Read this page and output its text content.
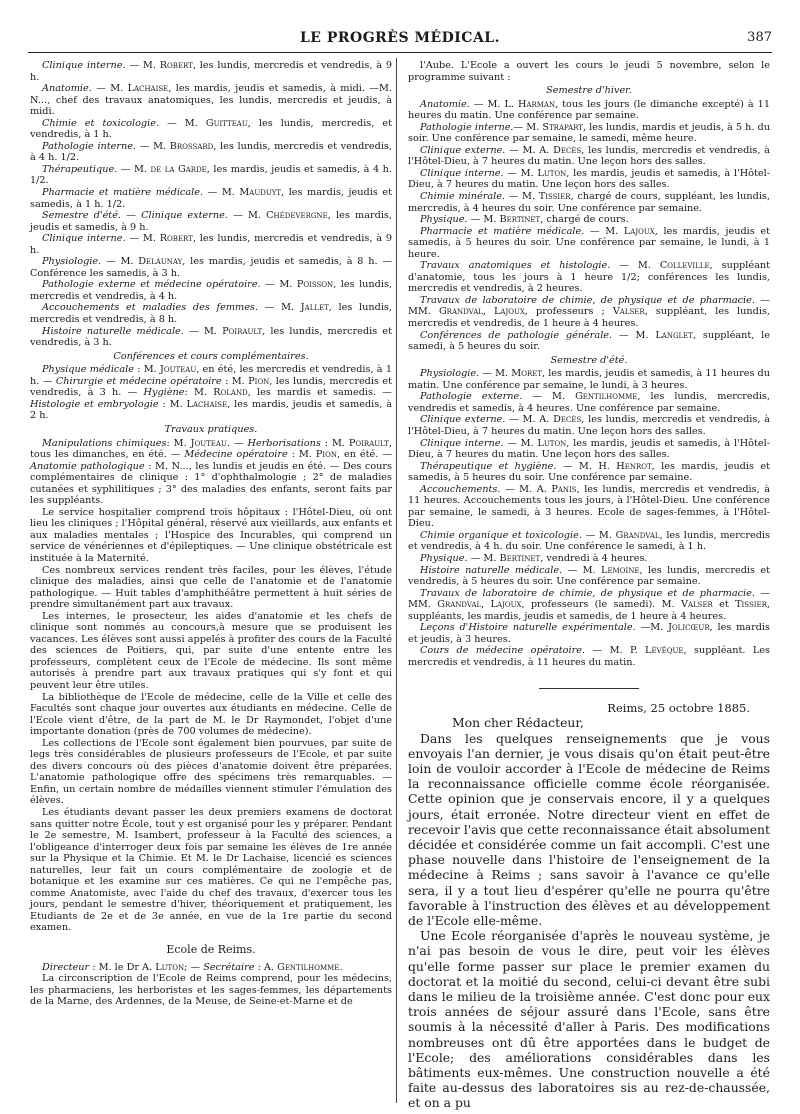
LE PROGRÈS MÉDICAL.	387

Clinique interne. — M. Robert, les lundis, mercredis et vendredis, à 9 h.

Anatomie. — M. Lachaise, les mardis, jeudis et samedis, à midi. —M. N..., chef des travaux anatomiques, les lundis, mercredis et jeudis, à midi.

Chimie et toxicologie. — M. Guitteau, les lundis, mercredis, et vendredis, à 1 h.

Pathologie interne. — M. Brossard, les lundis, mercredis et vendredis, à 4 h. 1/2.

Thérapeutique. — M. de la Garde, les mardis, jeudis et samedis, à 4 h. 1/2.

Pharmacie et matière médicale. — M. Mauduyt, les mardis, jeudis et samedis, à 1 h. 1/2.

Semestre d'été. — Clinique externe. — M. Chédevergne, les mardis, jeudis et samedis, à 9 h.

Clinique interne. — M. Robert, les lundis, mercredis et vendredis, à 9 h.

Physiologie. — M. Delaunay, les mardis, jeudis et samedis, à 8 h. — Conférence les samedis, à 3 h.

Pathologie externe et médecine opératoire. — M. Poisson, les lundis, mercredis et vendredis, à 4 h.

Accouchements et maladies des femmes. — M. Jallet, les lundis, mercredis et vendredis, à 8 h.

Histoire naturelle médicale. — M. Poirault, les lundis, mercredis et vendredis, à 3 h.

Conférences et cours complémentaires.

Physique médicale : M. Jouteau, en été, les mercredis et vendredis, à 1 h. — Chirurgie et médecine opératoire : M. Pion, les lundis, mercredis et vendredis, à 3 h. — Hygiène: M. Roland, les mardis et samedis. — Histologie et embryologie : M. Lachaise, les mardis, jeudis et samedis, à 2 h.

Travaux pratiques.

Manipulations chimiques: M. Jouteau. — Herborisations : M. Poirault, tous les dimanches, en été. — Médecine opératoire : M. Pion, en été. — Anatomie pathologique : M. N..., les lundis et jeudis en été. — Des cours complémentaires de clinique : 1° d'ophthalmologie ; 2° de maladies cutanées et syphilitiques ; 3° des maladies des enfants, seront faits par les suppléants.

Le service hospitalier comprend trois hôpitaux : l'Hôtel-Dieu, où ont lieu les cliniques ; l'Hôpital général, réservé aux vieillards, aux enfants et aux maladies mentales ; l'Hospice des Incurables, qui comprend un service de vénériennes et d'épileptiques. — Une clinique obstétricale est instituée à la Maternité.

Ces nombreux services rendent très faciles, pour les élèves, l'étude clinique des maladies, ainsi que celle de l'anatomie et de l'anatomie pathologique. — Huit tables d'amphithéâtre permettent à huit séries de prendre simultanément part aux travaux.

Les internes, le prosecteur, les aides d'anatomie et les chefs de clinique sont nommés au concours,à mesure que se produisent les vacances. Les élèves sont aussi appelés à profiter des cours de la Faculté des sciences de Poitiers, qui, par suite d'une entente entre les professeurs, complètent ceux de l'Ecole de médecine. Ils sont même autorisés à prendre part aux travaux pratiques qui s'y font et qui peuvent leur être utiles.

La bibliothèque de l'Ecole de médecine, celle de la Ville et celle des Facultés sont chaque jour ouvertes aux étudiants en médecine. Celle de l'Ecole vient d'être, de la part de M. le Dr Raymondet, l'objet d'une importante donation (près de 700 volumes de médecine).

Les collections de l'Ecole sont également bien pourvues, par suite de legs très considérables de plusieurs professeurs de l'Ecole, et par suite des divers concours où des pièces d'anatomie doivent être préparées. L'anatomie pathologique offre des spécimens très remarquables. — Enfin, un certain nombre de médailles viennent stimuler l'émulation des élèves.

Les étudiants devant passer les deux premiers examens de doctorat sans quitter notre École, tout y est organisé pour les y préparer. Pendant le 2e semestre, M. Isambert, professeur à la Faculté des sciences, a l'obligeance d'interroger deux fois par semaine les élèves de 1re année sur la Physique et la Chimie. Et M. le Dr Lachaise, licencié es sciences naturelles, leur fait un cours complémentaire de zoologie et de botanique et les examine sur ces matières. Ce qui ne l'empêche pas, comme Anatomiste, avec l'aide du chef des travaux, d'exercer tous les jours, pendant le semestre d'hiver, théoriquement et pratiquement, les Etudiants de 2e et de 3e année, en vue de la 1re partie du second examen.

Ecole de Reims.

Directeur : M. le Dr A. Luton; — Secrétaire : A. Gentilhomme.

La circonscription de l'Ecole de Reims comprend, pour les médecins, les pharmaciens, les herboristes et les sages-femmes, les départements de la Marne, des Ardennes, de la Meuse, de Seine-et-Marne et de

l'Aube. L'Ecole a ouvert les cours le jeudi 5 novembre, selon le programme suivant :

Semestre d'hiver.

Anatomie. — M. L. Harman, tous les jours (le dimanche excepté) à 11 heures du matin. Une conférence par semaine.

Pathologie interne.— M. Strapart, les lundis, mardis et jeudis, à 5 h. du soir. Une conférence par semaine, le samedi, même heure.

Clinique externe. — M. A. Decès, les lundis, mercredis et vendredis, à l'Hôtel-Dieu, à 7 heures du matin. Une leçon hors des salles.

Clinique interne. — M. Luton, les mardis, jeudis et samedis, à l'Hôtel-Dieu, à 7 heures du matin. Une leçon hors des salles.

Chimie minérale. — M. Tissier, chargé de cours, suppléant, les lundis, mercredis, à 4 heures du soir. Une conférence par semaine.

Physique. — M. Bertinet, chargé de cours.

Pharmacie et matière médicale. — M. Lajoux, les mardis, jeudis et samedis, à 5 heures du soir. Une conférence par semaine, le lundi, à 1 heure.

Travaux anatomiques et histologie. — M. Colleville, suppléant d'anatomie, tous les jours à 1 heure 1/2; conférences les lundis, mercredis et vendredis, à 2 heures.

Travaux de laboratoire de chimie, de physique et de pharmacie. — MM. Grandval, Lajoux, professeurs ; Valser, suppléant, les lundis, mercredis et vendredis, de 1 heure à 4 heures.

Conférences de pathologie générale. — M. Langlet, suppléant, le samedi, à 5 heures du soir.

Semestre d'été.

Physiologie. — M. Moret, les mardis, jeudis et samedis, à 11 heures du matin. Une conférence par semaine, le lundi, à 3 heures.

Pathologie externe. — M. Gentilhomme, les lundis, mercredis, vendredis et samedis, à 4 heures. Une conférence par semaine.

Clinique externe. — M. A. Decès, les lundis, mercredis et vendredis, à l'Hôtel-Dieu, à 7 heures du matin. Une leçon hors des salles.

Clinique interne. — M. Luton, les mardis, jeudis et samedis, à l'Hôtel-Dieu, à 7 heures du matin. Une leçon hors des salles.

Thérapeutique et hygiène. — M. H. Henrot, les mardis, jeudis et samedis, à 5 heures du soir. Une conférence par semaine.

Accouchements. — M. A. Panis, les lundis, mercredis et vendredis, à 11 heures. Accouchements tous les jours, à l'Hôtel-Dieu. Une conférence par semaine, le samedi, à 3 heures. Ecole de sages-femmes, à l'Hôtel-Dieu.

Chimie organique et toxicologie. — M. Grandval, les lundis, mercredis et vendredis, à 4 h. du soir. Une conférence le samedi, à 1 h.

Physique. — M. Bertinet, vendredi à 4 heures.

Histoire naturelle médicale. — M. Lemoine, les lundis, mercredis et vendredis, à 5 heures du soir. Une conférence par semaine.

Travaux de laboratoire de chimie, de physique et de pharmacie. — MM. Grandval, Lajoux, professeurs (le samedi). M. Valser et Tissier, suppléants, les mardis, jeudis et samedis, de 1 heure à 4 heures.

Leçons d'Histoire naturelle expérimentale. —M. Jolicœur, les mardis et jeudis, à 3 heures.

Cours de médecine opératoire. — M. P. Lévêque, suppléant. Les mercredis et vendredis, à 11 heures du matin.

Reims, 25 octobre 1885.

Mon cher Rédacteur,

Dans les quelques renseignements que je vous envoyais l'an dernier, je vous disais qu'on était peut-être loin de vouloir accorder à l'Ecole de médecine de Reims la reconnaissance officielle comme école réorganisée. Cette opinion que je conservais encore, il y a quelques jours, était erronée. Notre directeur vient en effet de recevoir l'avis que cette reconnaissance était absolument décidée et considérée comme un fait accompli. C'est une phase nouvelle dans l'histoire de l'enseignement de la médecine à Reims ; sans savoir à l'avance ce qu'elle sera, il y a tout lieu d'espérer qu'elle ne pourra qu'être favorable à l'instruction des élèves et au développement de l'Ecole elle-même.

Une Ecole réorganisée d'après le nouveau système, je n'ai pas besoin de vous le dire, peut voir les élèves qu'elle forme passer sur place le premier examen du doctorat et la moitié du second, celui-ci devant être subi dans le milieu de la troisième année. C'est donc pour eux trois années de séjour assuré dans l'Ecole, sans être soumis à la nécessité d'aller à Paris. Des modifications nombreuses ont dû être apportées dans le budget de l'Ecole; des améliorations considérables dans les bâtiments eux-mêmes. Une construction nouvelle a été faite au-dessus des laboratoires sis au rez-de-chaussée, et on a pu
